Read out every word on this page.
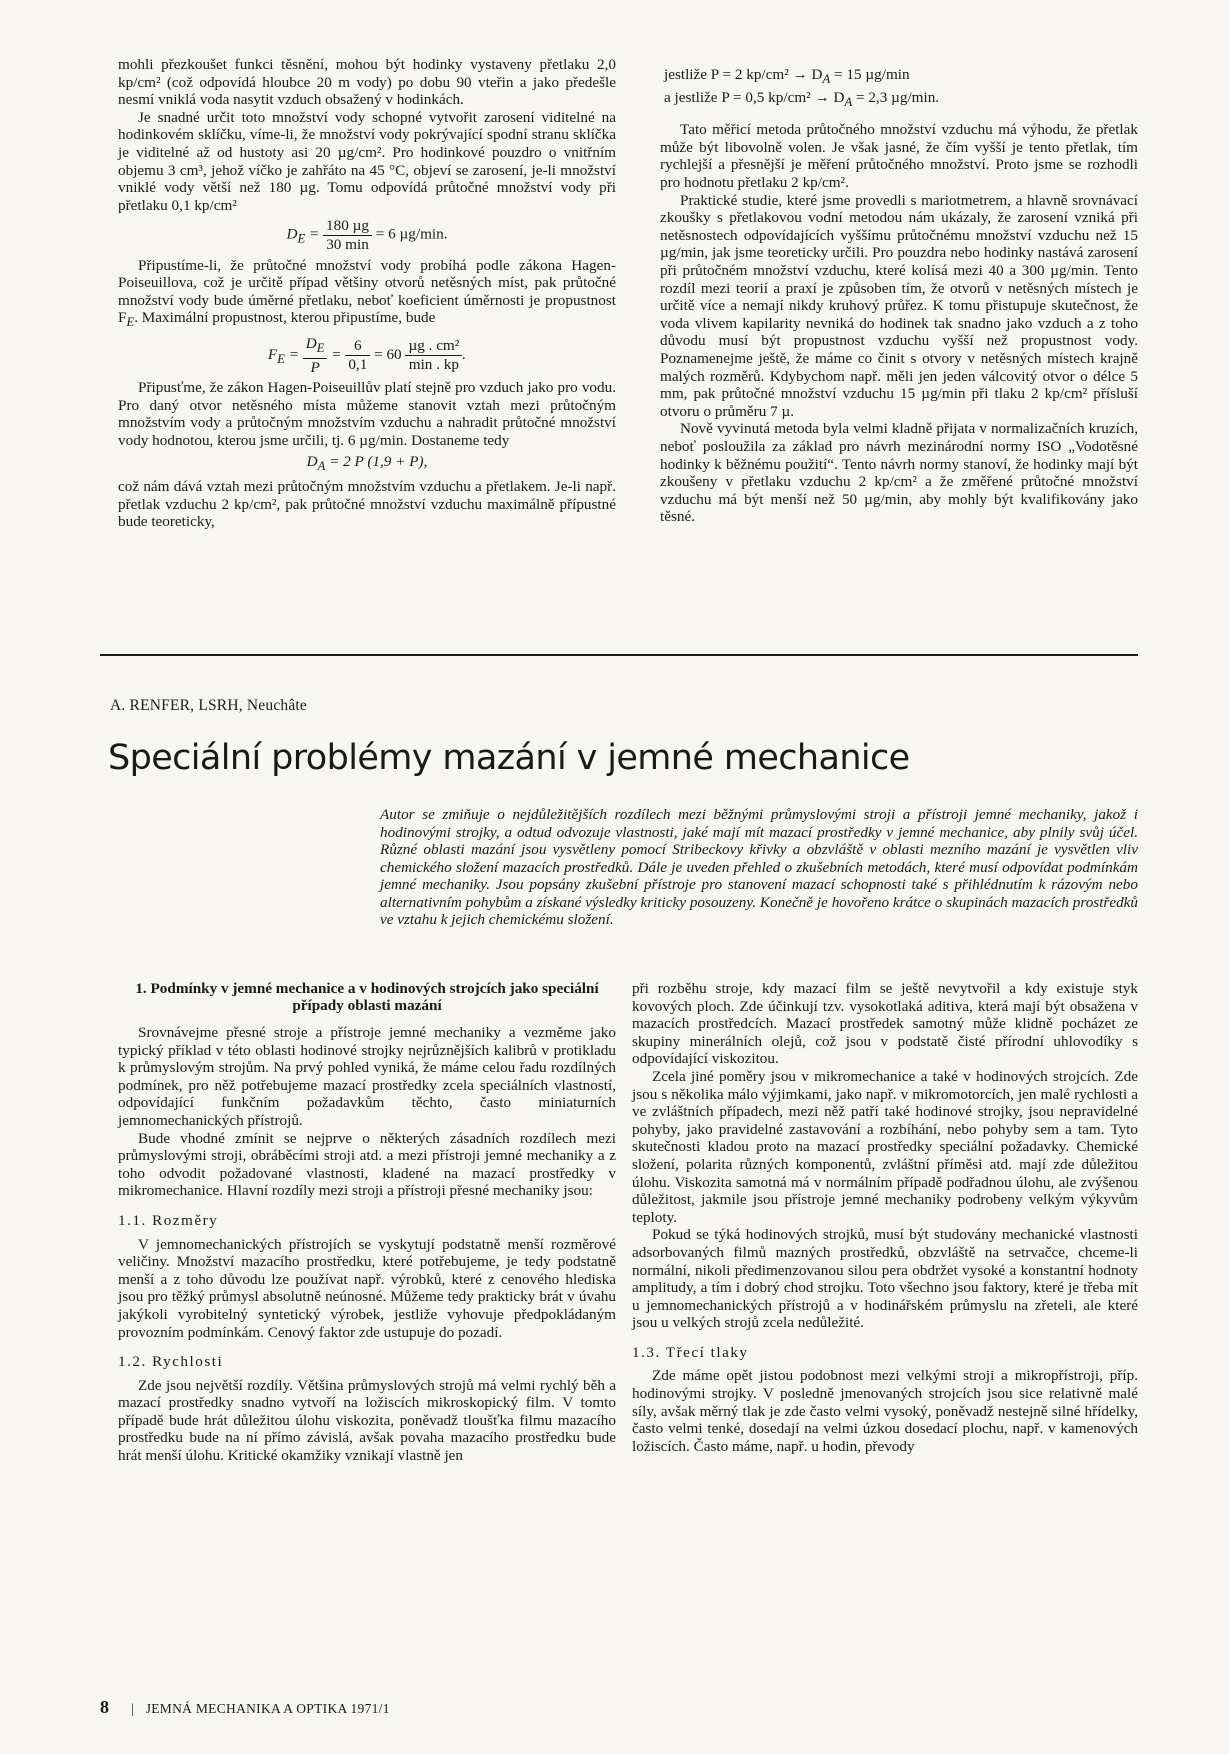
mohli přezkoušet funkci těsnění, mohou být hodinky vystaveny přetlaku 2,0 kp/cm² (což odpovídá hloubce 20 m vody) po dobu 90 vteřin a jako předešle nesmí vniklá voda nasytit vzduch obsažený v hodinkách.

Je snadné určit toto množství vody schopné vytvořit zarosení viditelné na hodinkovém sklíčku, víme-li, že množství vody pokrývající spodní stranu sklíčka je viditelné až od hustoty asi 20 µg/cm². Pro hodinkové pouzdro o vnitřním objemu 3 cm³, jehož víčko je zahřáto na 45 °C, objeví se zarosení, je-li množství vniklé vody větší než 180 µg. Tomu odpovídá průtočné množství vody při přetlaku 0,1 kp/cm²

$D_E = \frac{\text{180 µg}}{30 \min} = 6$ µg/min.

Připustíme-li, že průtočné množství vody probíhá podle zákona Hagen-Poiseuillova, což je určitě případ většiny otvorů netěsných míst, pak průtočné množství vody bude úměrné přetlaku, neboť koeficient úměrnosti je propustnost $F_E$. Maximální propustnost, kterou připustíme, bude

$F_E = \frac{D_E}{P} = \frac{6}{0,1} = 60 \frac{\text{µg . cm²}}{\min . kp}$ .

Připusťme, že zákon Hagen-Poiseuillův platí stejně pro vzduch jako pro vodu. Pro daný otvor netěsného místa můžeme stanovit vztah mezi průtočným množstvím vody a průtočným množstvím vzduchu a nahradit průtočné množství vody hodnotou, kterou jsme určili, tj. 6 µg/min. Dostaneme tedy

$D_A = 2$ P (1,9 + P),

což nám dává vztah mezi průtočným množstvím vzduchu a přetlakem. Je-li např. přetlak vzduchu 2 kp/cm², pak průtočné množství vzduchu maximálně přípustné bude teoreticky,

jestliže P = 2 $kp/cm^2 \to D_A = 15$ µg/min

a jestliže P = 0,5 $kp/cm^2 \to D_A = 2,3$ µg/min.

Tato měřicí metoda průtočného množství vzduchu má výhodu, že přetlak může být libovolně volen. Je však jasné, že čím vyšší je tento přetlak, tím rychlejší a přesnější je měření průtočného množství. Proto jsme se rozhodli pro hodnotu přetlaku 2 kp/cm².

Praktické studie, které jsme provedli s mariotmetrem, a hlavně srovnávací zkoušky s přetlakovou vodní metodou nám ukázaly, že zarosení vzniká při netěsnostech odpovídajících vyššímu průtočnému množství vzduchu než 15 µg/min, jak jsme teoreticky určili. Pro pouzdra nebo hodinky nastává zarosení při průtočném množství vzduchu, které kolísá mezi 40 a 300 µg/min. Tento rozdíl mezi teorií a praxí je způsoben tím, že otvorů v netěsných místech je určitě více a nemají nikdy kruhový průřez. K tomu přistupuje skutečnost, že voda vlivem kapilarity nevniká do hodinek tak snadno jako vzduch a z toho důvodu musí být propustnost vzduchu vyšší než propustnost vody. Poznamenejme ještě, že máme co činit s otvory v netěsných místech krajně malých rozměrů. Kdybychom např. měli jen jeden válcovitý otvor o délce 5 mm, pak průtočné množství vzduchu 15 µg/min při tlaku 2 kp/cm² přísluší otvoru o průměru 7 µ.

Nově vyvinutá metoda byla velmi kladně přijata v normalizačních kruzích, neboť posloužila za základ pro návrh mezinárodní normy ISO „Vodotěsné hodinky k běžnému použití“. Tento návrh normy stanoví, že hodinky mají být zkoušeny v přetlaku vzduchu 2 kp/cm² a že změřené průtočné množství vzduchu má být menší než 50 µg/min, aby mohly být kvalifikovány jako těsné.

A. RENFER, LSRH, Neuchâte
Speciální problémy mazání v jemné mechanice
Autor se zmiňuje o nejdůležitějších rozdílech mezi běžnými průmyslovými stroji a přístroji jemné mechaniky, jakož i hodinovými strojky, a odtud odvozuje vlastnosti, jaké mají mít mazací prostředky v jemné mechanice, aby plnily svůj účel. Různé oblasti mazání jsou vysvětleny pomocí Stribeckovy křivky a obzvláště v oblasti mezního mazání je vysvětlen vliv chemického složení mazacích prostředků. Dále je uveden přehled o zkušebních metodách, které musí odpovídat podmínkám jemné mechaniky. Jsou popsány zkušební přístroje pro stanovení mazací schopnosti také s přihlédnutím k rázovým nebo alternativním pohybům a získané výsledky kriticky posouzeny. Konečně je hovořeno krátce o skupinách mazacích prostředků ve vztahu k jejich chemickému složení.
1. Podmínky v jemné mechanice a v hodinových strojcích jako speciální případy oblasti mazání

Srovnávejme přesné stroje a přístroje jemné mechaniky a vezměme jako typický příklad v této oblasti hodinové strojky nejrůznějších kalibrů v protikladu k průmyslovým strojům. Na prvý pohled vyniká, že máme celou řadu rozdílných podmínek, pro něž potřebujeme mazací prostředky zcela speciálních vlastností, odpovídající funkčním požadavkům těchto, často miniaturních jemnomechanických přístrojů.

Bude vhodné zmínit se nejprve o některých zásadních rozdílech mezi průmyslovými stroji, obráběcími stroji atd. a mezi přístroji jemné mechaniky a z toho odvodit požadované vlastnosti, kladené na mazací prostředky v mikromechanice. Hlavní rozdíly mezi stroji a přístroji přesné mechaniky jsou:

1.1. Rozměry

V jemnomechanických přístrojích se vyskytují podstatně menší rozměrové veličiny. Množství mazacího prostředku, které potřebujeme, je tedy podstatně menší a z toho důvodu lze používat např. výrobků, které z cenového hlediska jsou pro těžký průmysl absolutně neúnosné. Můžeme tedy prakticky brát v úvahu jakýkoli vyrobitelný syntetický výrobek, jestliže vyhovuje předpokládaným provozním podmínkám. Cenový faktor zde ustupuje do pozadí.

1.2. Rychlosti

Zde jsou největší rozdíly. Většina průmyslových strojů má velmi rychlý běh a mazací prostředky snadno vytvoří na ložiscích mikroskopický film. V tomto případě bude hrát důležitou úlohu viskozita, poněvadž tloušťka filmu mazacího prostředku bude na ní přímo závislá, avšak povaha mazacího prostředku bude hrát menší úlohu. Kritické okamžiky vznikají vlastně jen

při rozběhu stroje, kdy mazací film se ještě nevytvořil a kdy existuje styk kovových ploch. Zde účinkují tzv. vysokotlaká aditiva, která mají být obsažena v mazacích prostředcích. Mazací prostředek samotný může klidně pocházet ze skupiny minerálních olejů, což jsou v podstatě čisté přírodní uhlovodíky s odpovídající viskozitou.

Zcela jiné poměry jsou v mikromechanice a také v hodinových strojcích. Zde jsou s několika málo výjimkami, jako např. v mikromotorcích, jen malé rychlosti a ve zvláštních případech, mezi něž patří také hodinové strojky, jsou nepravidelné pohyby, jako pravidelné zastavování a rozbíhání, nebo pohyby sem a tam. Tyto skutečnosti kladou proto na mazací prostředky speciální požadavky. Chemické složení, polarita různých komponentů, zvláštní příměsi atd. mají zde důležitou úlohu. Viskozita samotná má v normálním případě podřadnou úlohu, ale zvýšenou důležitost, jakmile jsou přístroje jemné mechaniky podrobeny velkým výkyvům teploty.

Pokud se týká hodinových strojků, musí být studovány mechanické vlastnosti adsorbovaných filmů mazných prostředků, obzvláště na setrvačce, chceme-li normální, nikoli předimenzovanou silou pera obdržet vysoké a konstantní hodnoty amplitudy, a tím i dobrý chod strojku. Toto všechno jsou faktory, které je třeba mít u jemnomechanických přístrojů a v hodinářském průmyslu na zřeteli, ale které jsou u velkých strojů zcela nedůležité.

1.3. Třecí tlaky

Zde máme opět jistou podobnost mezi velkými stroji a mikropřístroji, příp. hodinovými strojky. V posledně jmenovaných strojcích jsou sice relativně malé síly, avšak měrný tlak je zde často velmi vysoký, poněvadž nestejně silné hřídelky, často velmi tenké, dosedají na velmi úzkou dosedací plochu, např. v kamenových ložiscích. Často máme, např. u hodin, převody

8 | JEMNÁ MECHANIKA A OPTIKA 1971/1
